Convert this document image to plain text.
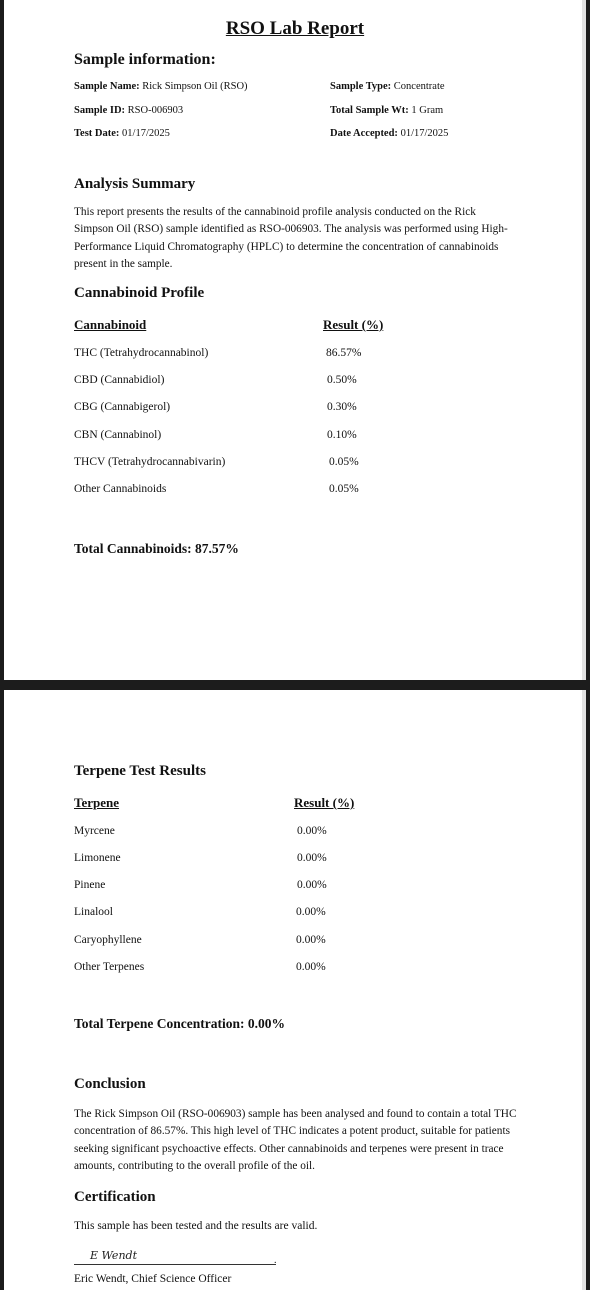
RSO Lab Report
Sample information:
Sample Name: Rick Simpson Oil (RSO)
Sample ID: RSO-006903
Test Date: 01/17/2025
Sample Type: Concentrate
Total Sample Wt: 1 Gram
Date Accepted: 01/17/2025
Analysis Summary
This report presents the results of the cannabinoid profile analysis conducted on the Rick Simpson Oil (RSO) sample identified as RSO-006903. The analysis was performed using High-Performance Liquid Chromatography (HPLC) to determine the concentration of cannabinoids present in the sample.
Cannabinoid Profile
Cannabinoid	Result (%)
THC (Tetrahydrocannabinol)	86.57%
CBD (Cannabidiol)	0.50%
CBG (Cannabigerol)	0.30%
CBN (Cannabinol)	0.10%
THCV (Tetrahydrocannabivarin)	0.05%
Other Cannabinoids	0.05%
Total Cannabinoids: 87.57%
Terpene Test Results
Terpene	Result (%)
Myrcene	0.00%
Limonene	0.00%
Pinene	0.00%
Linalool	0.00%
Caryophyllene	0.00%
Other Terpenes	0.00%
Total Terpene Concentration: 0.00%
Conclusion
The Rick Simpson Oil (RSO-006903) sample has been analysed and found to contain a total THC concentration of 86.57%. This high level of THC indicates a potent product, suitable for patients seeking significant psychoactive effects. Other cannabinoids and terpenes were present in trace amounts, contributing to the overall profile of the oil.
Certification
This sample has been tested and the results are valid.
E Wendt	.
Eric Wendt, Chief Science Officer
